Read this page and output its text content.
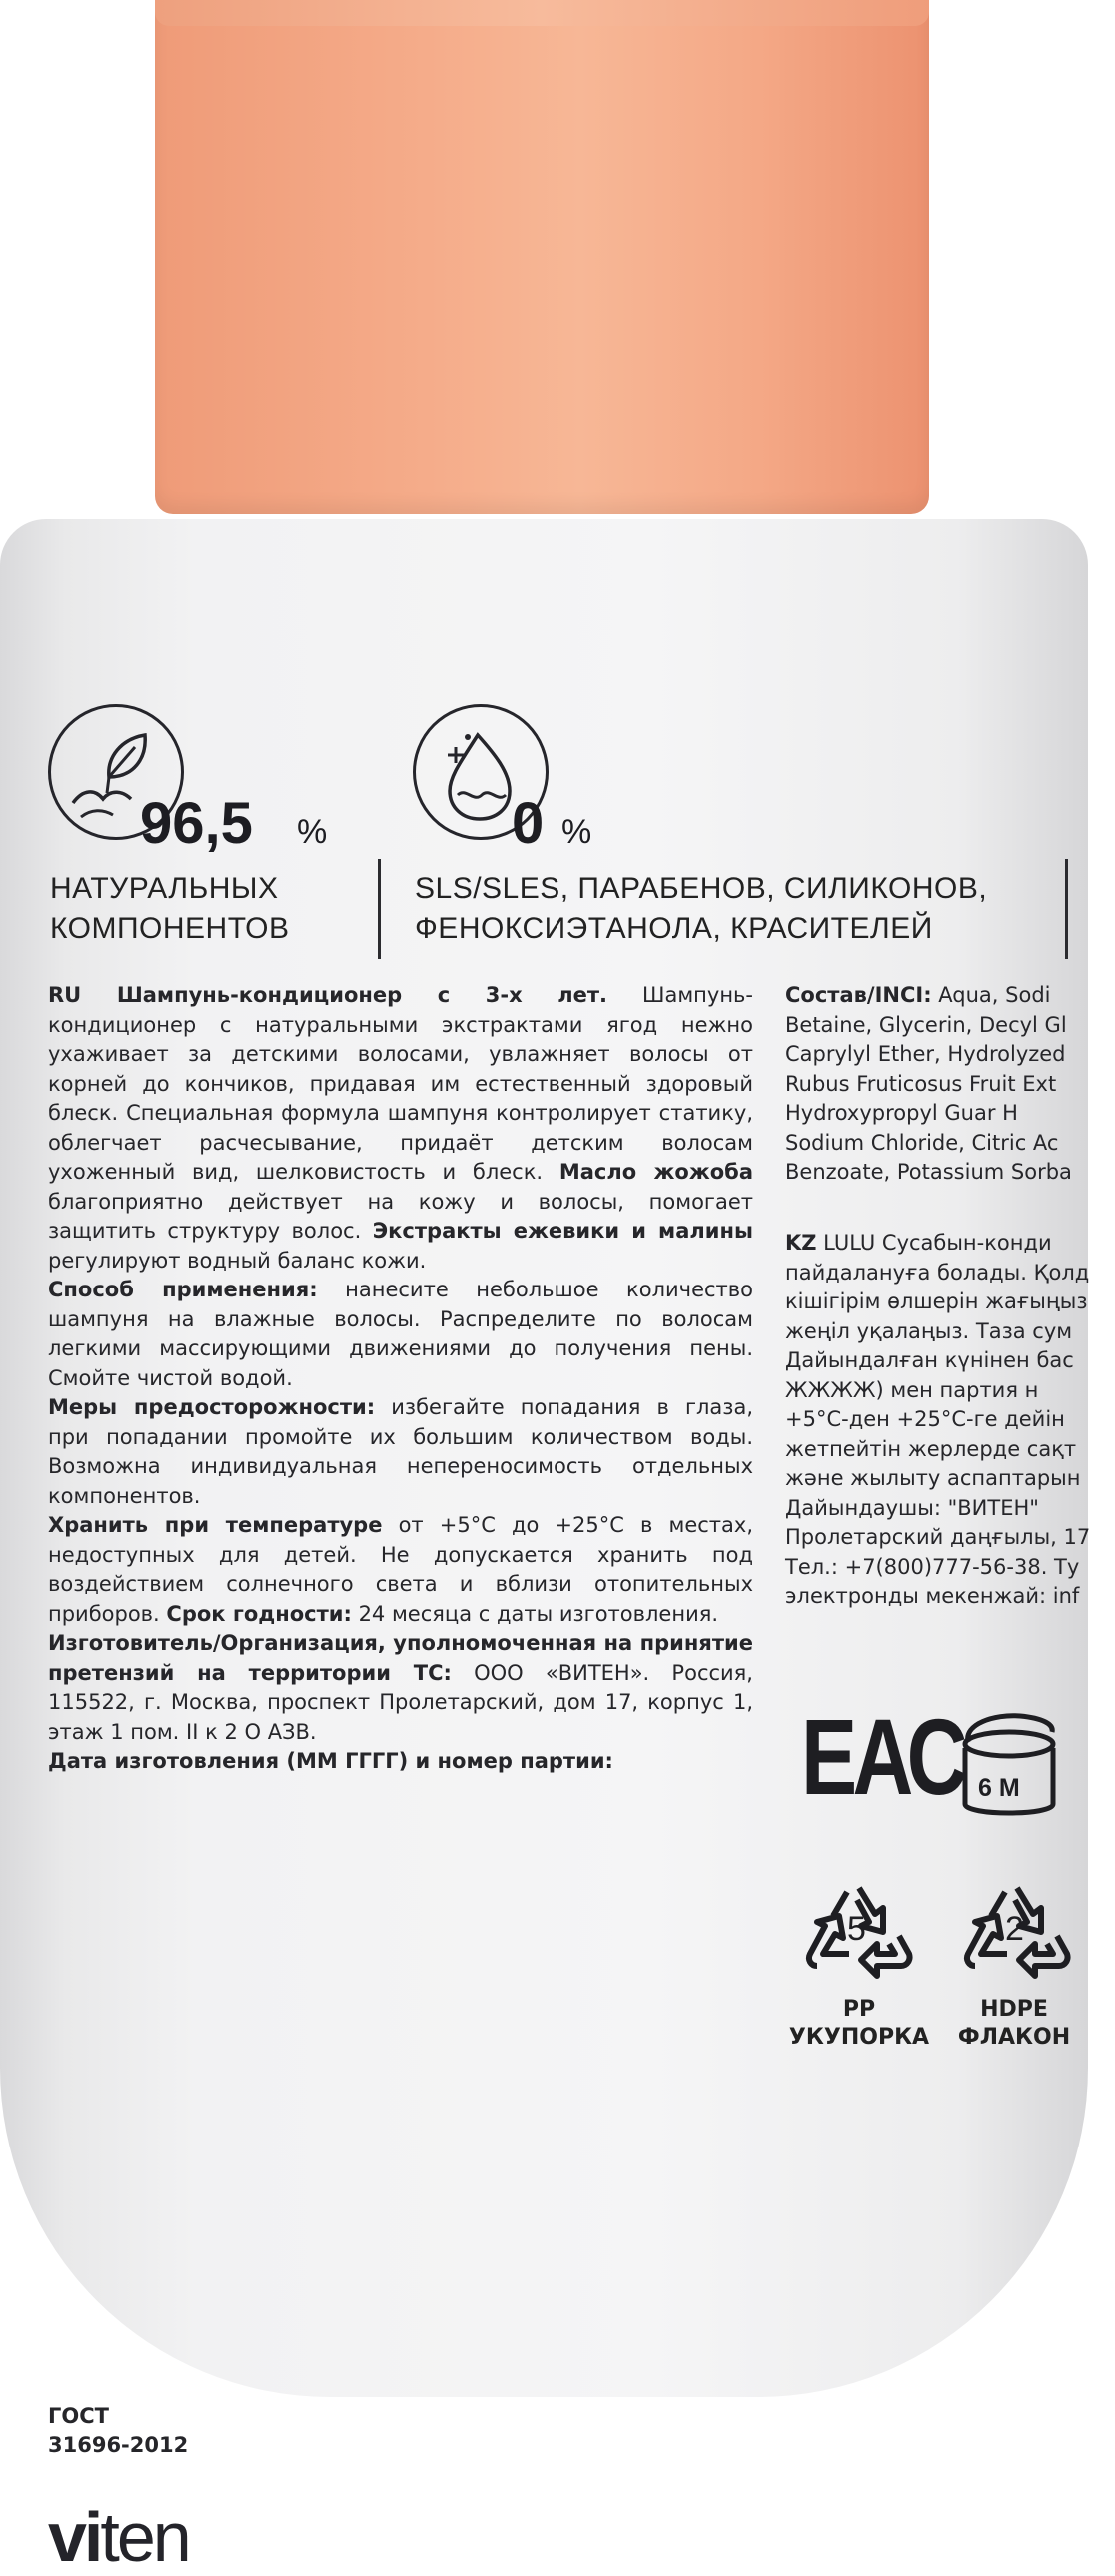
96,5 %
НАТУРАЛЬНЫХ
КОМПОНЕНТОВ
0 %
SLS/SLES, ПАРАБЕНОВ, СИЛИКОНОВ,
ФЕНОКСИЭТАНОЛА, КРАСИТЕЛЕЙ

RU Шампунь-кондиционер с 3-х лет. Шампунь-кондиционер с натуральными экстрактами ягод нежно ухаживает за детскими волосами, увлажняет волосы от корней до кончиков, придавая им естественный здоровый блеск. Специальная формула шампуня контролирует статику, облегчает расчесывание, придаёт детским волосам ухоженный вид, шелковистость и блеск. Масло жожоба благоприятно действует на кожу и волосы, помогает защитить структуру волос. Экстракты ежевики и малины регулируют водный баланс кожи.

Способ применения: нанесите небольшое количество шампуня на влажные волосы. Распределите по волосам легкими массирующими движениями до получения пены. Смойте чистой водой.

Меры предосторожности: избегайте попадания в глаза, при попадании промойте их большим количеством воды. Возможна индивидуальная непереносимость отдельных компонентов.

Хранить при температуре от +5°C до +25°C в местах, недоступных для детей. Не допускается хранить под воздействием солнечного света и вблизи отопительных приборов. Срок годности: 24 месяца с даты изготовления.

Изготовитель/Организация, уполномоченная на принятие претензий на территории ТС: ООО «ВИТЕН». Россия, 115522, г. Москва, проспект Пролетарский, дом 17, корпус 1, этаж 1 пом. II к 2 О АЗВ.

Дата изготовления (ММ ГГГГ) и номер партии:

ГОСТ
31696-2012
viten
Состав/INCI: Aqua, Sodi
Betaine, Glycerin, Decyl Gl
Caprylyl Ether, Hydrolyzed
Rubus Fruticosus Fruit Ext
Hydroxypropyl Guar H
Sodium Chloride, Citric Ac
Benzoate, Potassium Sorba
KZ LULU Сусабын-конди
пайдалануға болады. Қолд
кішігірім өлшерін жағыңыз
жеңіл уқалаңыз. Таза сум
Дайындалған күнінен бас
ЖЖЖЖ) мен партия н
+5°C-ден +25°C-ге дейін
жетпейтін жерлерде сақт
және жылыту аспаптарын
Дайындаушы: "ВИТЕН"
Пролетарский даңғылы, 17
Тел.: +7(800)777-56-38. Ту
электронды мекенжай: inf
ЕАС 6 M
5
PP
УКУПОРКА
2
HDPE
ФЛАКОН
